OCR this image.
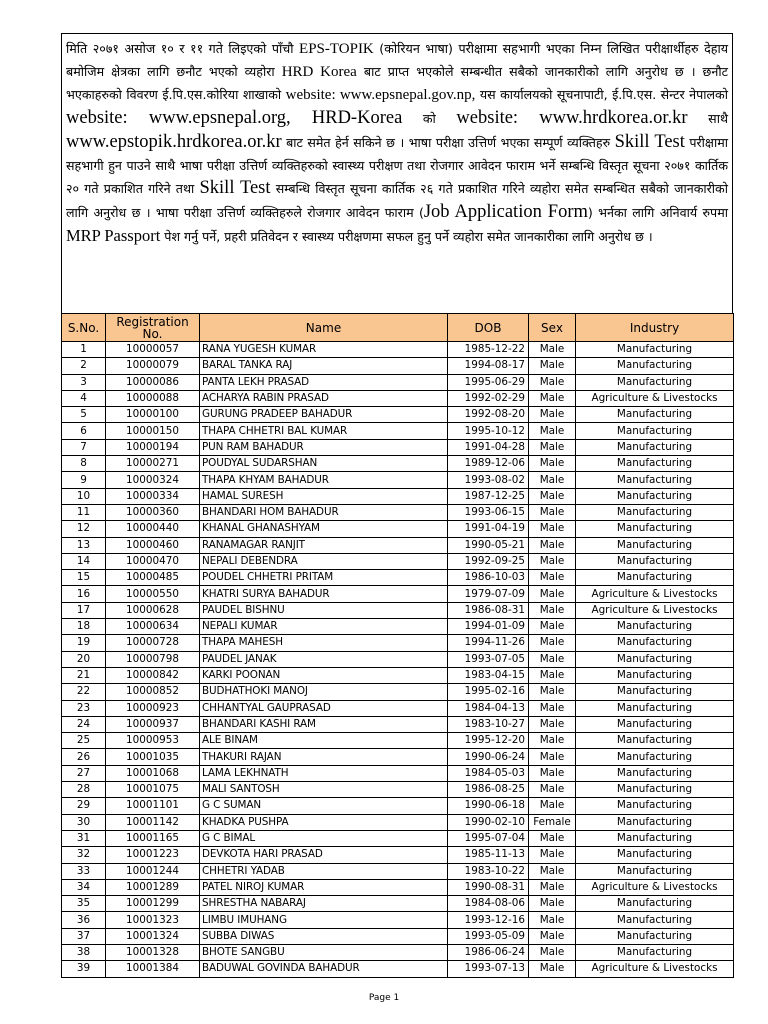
मिति २०७१ असोज १० र ११ गते लिइएको पाँचौ EPS-TOPIK (कोरियन भाषा) परीक्षामा सहभागी भएका निम्न लिखित परीक्षार्थीहरु देहाय बमोजिम क्षेत्रका लागि छनौट भएको व्यहोरा HRD Korea बाट प्राप्त भएकोले सम्बन्धीत सबैको जानकारीको लागि अनुरोध छ । छनौट भएकाहरुको विवरण ई.पि.एस.कोरिया शाखाको website: www.epsnepal.gov.np, यस कार्यालयको सूचनापाटी, ई.पि.एस. सेन्टर नेपालको website: www.epsnepal.org, HRD-Korea को website: www.hrdkorea.or.kr साथै www.epstopik.hrdkorea.or.kr बाट समेत हेर्न सकिने छ । भाषा परीक्षा उत्तिर्ण भएका सम्पूर्ण व्यक्तिहरु Skill Test परीक्षामा सहभागी हुन पाउने साथै भाषा परीक्षा उत्तिर्ण व्यक्तिहरुको स्वास्थ्य परीक्षण तथा रोजगार आवेदन फाराम भर्ने सम्बन्धि विस्तृत सूचना २०७१ कार्तिक २० गते प्रकाशित गरिने तथा Skill Test सम्बन्धि विस्तृत सूचना कार्तिक २६ गते प्रकाशित गरिने व्यहोरा समेत सम्बन्धित सबैको जानकारीको लागि अनुरोध छ । भाषा परीक्षा उत्तिर्ण व्यक्तिहरुले रोजगार आवेदन फाराम (Job Application Form) भर्नका लागि अनिवार्य रुपमा MRP Passport पेश गर्नु पर्ने, प्रहरी प्रतिवेदन र स्वास्थ्य परीक्षणमा सफल हुनु पर्ने व्यहोरा समेत जानकारीका लागि अनुरोध छ ।
S.No.	Registration No.	Name	DOB	Sex	Industry
1	10000057	RANA YUGESH KUMAR	1985-12-22	Male	Manufacturing
2	10000079	BARAL TANKA RAJ	1994-08-17	Male	Manufacturing
3	10000086	PANTA LEKH PRASAD	1995-06-29	Male	Manufacturing
4	10000088	ACHARYA RABIN PRASAD	1992-02-29	Male	Agriculture & Livestocks
5	10000100	GURUNG PRADEEP BAHADUR	1992-08-20	Male	Manufacturing
6	10000150	THAPA CHHETRI BAL KUMAR	1995-10-12	Male	Manufacturing
7	10000194	PUN RAM BAHADUR	1991-04-28	Male	Manufacturing
8	10000271	POUDYAL SUDARSHAN	1989-12-06	Male	Manufacturing
9	10000324	THAPA KHYAM BAHADUR	1993-08-02	Male	Manufacturing
10	10000334	HAMAL SURESH	1987-12-25	Male	Manufacturing
11	10000360	BHANDARI HOM BAHADUR	1993-06-15	Male	Manufacturing
12	10000440	KHANAL GHANASHYAM	1991-04-19	Male	Manufacturing
13	10000460	RANAMAGAR RANJIT	1990-05-21	Male	Manufacturing
14	10000470	NEPALI DEBENDRA	1992-09-25	Male	Manufacturing
15	10000485	POUDEL CHHETRI PRITAM	1986-10-03	Male	Manufacturing
16	10000550	KHATRI SURYA BAHADUR	1979-07-09	Male	Agriculture & Livestocks
17	10000628	PAUDEL BISHNU	1986-08-31	Male	Agriculture & Livestocks
18	10000634	NEPALI KUMAR	1994-01-09	Male	Manufacturing
19	10000728	THAPA MAHESH	1994-11-26	Male	Manufacturing
20	10000798	PAUDEL JANAK	1993-07-05	Male	Manufacturing
21	10000842	KARKI POONAN	1983-04-15	Male	Manufacturing
22	10000852	BUDHATHOKI MANOJ	1995-02-16	Male	Manufacturing
23	10000923	CHHANTYAL GAUPRASAD	1984-04-13	Male	Manufacturing
24	10000937	BHANDARI KASHI RAM	1983-10-27	Male	Manufacturing
25	10000953	ALE BINAM	1995-12-20	Male	Manufacturing
26	10001035	THAKURI RAJAN	1990-06-24	Male	Manufacturing
27	10001068	LAMA LEKHNATH	1984-05-03	Male	Manufacturing
28	10001075	MALI SANTOSH	1986-08-25	Male	Manufacturing
29	10001101	G C SUMAN	1990-06-18	Male	Manufacturing
30	10001142	KHADKA PUSHPA	1990-02-10	Female	Manufacturing
31	10001165	G C BIMAL	1995-07-04	Male	Manufacturing
32	10001223	DEVKOTA HARI PRASAD	1985-11-13	Male	Manufacturing
33	10001244	CHHETRI YADAB	1983-10-22	Male	Manufacturing
34	10001289	PATEL NIROJ KUMAR	1990-08-31	Male	Agriculture & Livestocks
35	10001299	SHRESTHA NABARAJ	1984-08-06	Male	Manufacturing
36	10001323	LIMBU IMUHANG	1993-12-16	Male	Manufacturing
37	10001324	SUBBA DIWAS	1993-05-09	Male	Manufacturing
38	10001328	BHOTE SANGBU	1986-06-24	Male	Manufacturing
39	10001384	BADUWAL GOVINDA BAHADUR	1993-07-13	Male	Agriculture & Livestocks
Page 1
